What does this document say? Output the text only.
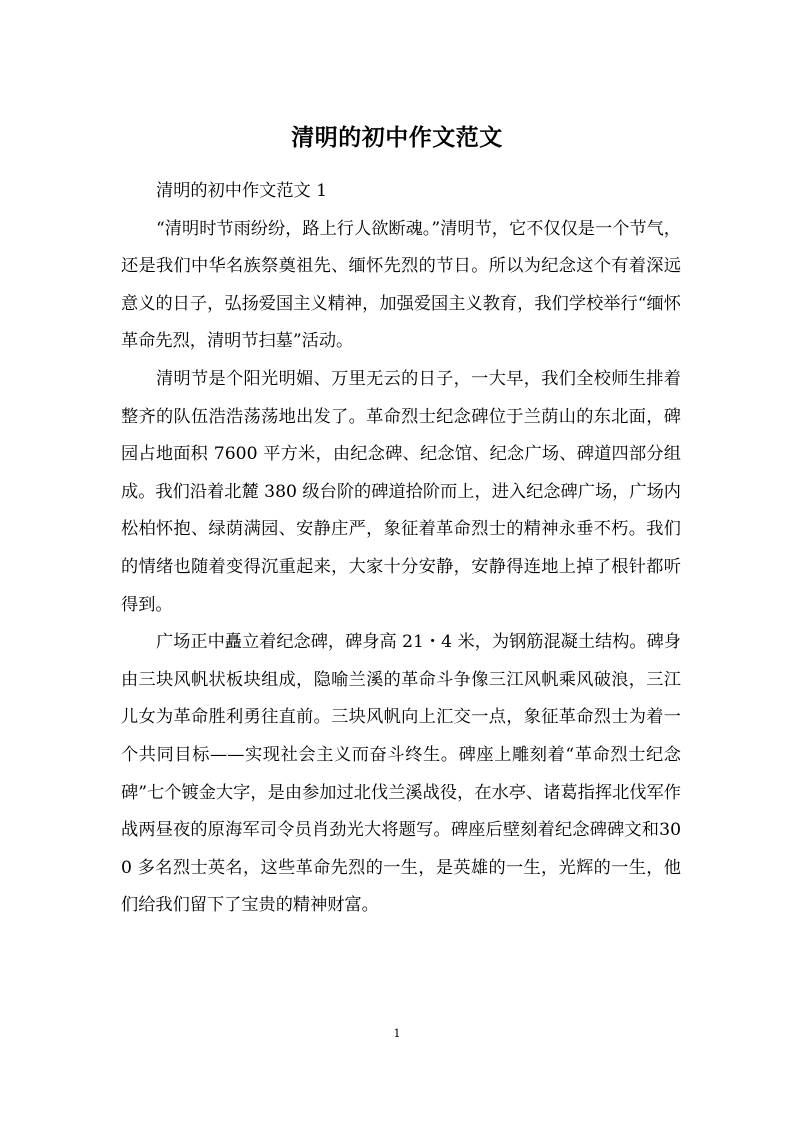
清明的初中作文范文

清明的初中作文范文 1

“清明时节雨纷纷，路上行人欲断魂。”清明节，它不仅仅是一个节气，还是我们中华名族祭奠祖先、缅怀先烈的节日。所以为纪念这个有着深远意义的日子，弘扬爱国主义精神，加强爱国主义教育，我们学校举行“缅怀革命先烈，清明节扫墓”活动。

清明节是个阳光明媚、万里无云的日子，一大早，我们全校师生排着整齐的队伍浩浩荡荡地出发了。革命烈士纪念碑位于兰荫山的东北面，碑园占地面积 7600 平方米，由纪念碑、纪念馆、纪念广场、碑道四部分组成。我们沿着北麓 380 级台阶的碑道拾阶而上，进入纪念碑广场，广场内松柏怀抱、绿荫满园、安静庄严，象征着革命烈士的精神永垂不朽。我们的情绪也随着变得沉重起来，大家十分安静，安静得连地上掉了根针都听得到。

广场正中矗立着纪念碑，碑身高 21・4 米，为钢筋混凝土结构。碑身由三块风帆状板块组成，隐喻兰溪的革命斗争像三江风帆乘风破浪，三江儿女为革命胜利勇往直前。三块风帆向上汇交一点，象征革命烈士为着一个共同目标——实现社会主义而奋斗终生。碑座上雕刻着“革命烈士纪念碑”七个镀金大字，是由参加过北伐兰溪战役，在水亭、诸葛指挥北伐军作战两昼夜的原海军司令员肖劲光大将题写。碑座后壁刻着纪念碑碑文和300 多名烈士英名，这些革命先烈的一生，是英雄的一生，光辉的一生，他们给我们留下了宝贵的精神财富。

1
